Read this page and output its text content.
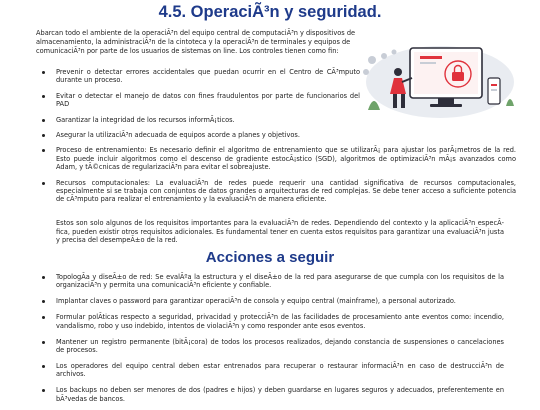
4.5. OperaciÃ³n y seguridad.

Abarcan todo el ambiente de la operaciÃ³n del equipo central de computaciÃ³n y dispositivos de almacenamiento, la administraciÃ³n de la cintoteca y la operaciÃ³n de terminales y equipos de comunicaciÃ³n por parte de los usuarios de sistemas on line. Los controles tienen como fin:

Prevenir o detectar errores accidentales que puedan ocurrir en el Centro de CÃ³mputo durante un proceso.
Evitar o detectar el manejo de datos con fines fraudulentos por parte de funcionarios del PAD
Garantizar la integridad de los recursos informÃ¡ticos.
Asegurar la utilizaciÃ³n adecuada de equipos acorde a planes y objetivos.
Proceso de entrenamiento: Es necesario definir el algoritmo de entrenamiento que se utilizarÃ¡ para ajustar los parÃ¡metros de la red. Esto puede incluir algoritmos como el descenso de gradiente estocÃ¡stico (SGD), algoritmos de optimizaciÃ³n mÃ¡s avanzados como Adam, y tÃ©cnicas de regularizaciÃ³n para evitar el sobreajuste.
Recursos computacionales: La evaluaciÃ³n de redes puede requerir una cantidad significativa de recursos computacionales, especialmente si se trabaja con conjuntos de datos grandes o arquitecturas de red complejas. Se debe tener acceso a suficiente potencia de cÃ³mputo para realizar el entrenamiento y la evaluaciÃ³n de manera eficiente.

Estos son solo algunos de los requisitos importantes para la evaluaciÃ³n de redes. Dependiendo del contexto y la aplicaciÃ³n especÃfica, pueden existir otros requisitos adicionales. Es fundamental tener en cuenta estos requisitos para garantizar una evaluaciÃ³n justa y precisa del desempeÃ±o de la red.

Acciones a seguir
TopologÃa y diseÃ±o de red: Se evalÃºa la estructura y el diseÃ±o de la red para asegurarse de que cumpla con los requisitos de la organizaciÃ³n y permita una comunicaciÃ³n eficiente y confiable.
Implantar claves o password para garantizar operaciÃ³n de consola y equipo central (mainframe), a personal autorizado.
Formular polÃticas respecto a seguridad, privacidad y protecciÃ³n de las facilidades de procesamiento ante eventos como: incendio, vandalismo, robo y uso indebido, intentos de violaciÃ³n y como responder ante esos eventos.
Mantener un registro permanente (bitÃ¡cora) de todos los procesos realizados, dejando constancia de suspensiones o cancelaciones de procesos.
Los operadores del equipo central deben estar entrenados para recuperar o restaurar informaciÃ³n en caso de destrucciÃ³n de archivos.
Los backups no deben ser menores de dos (padres e hijos) y deben guardarse en lugares seguros y adecuados, preferentemente en bÃ³vedas de bancos.
